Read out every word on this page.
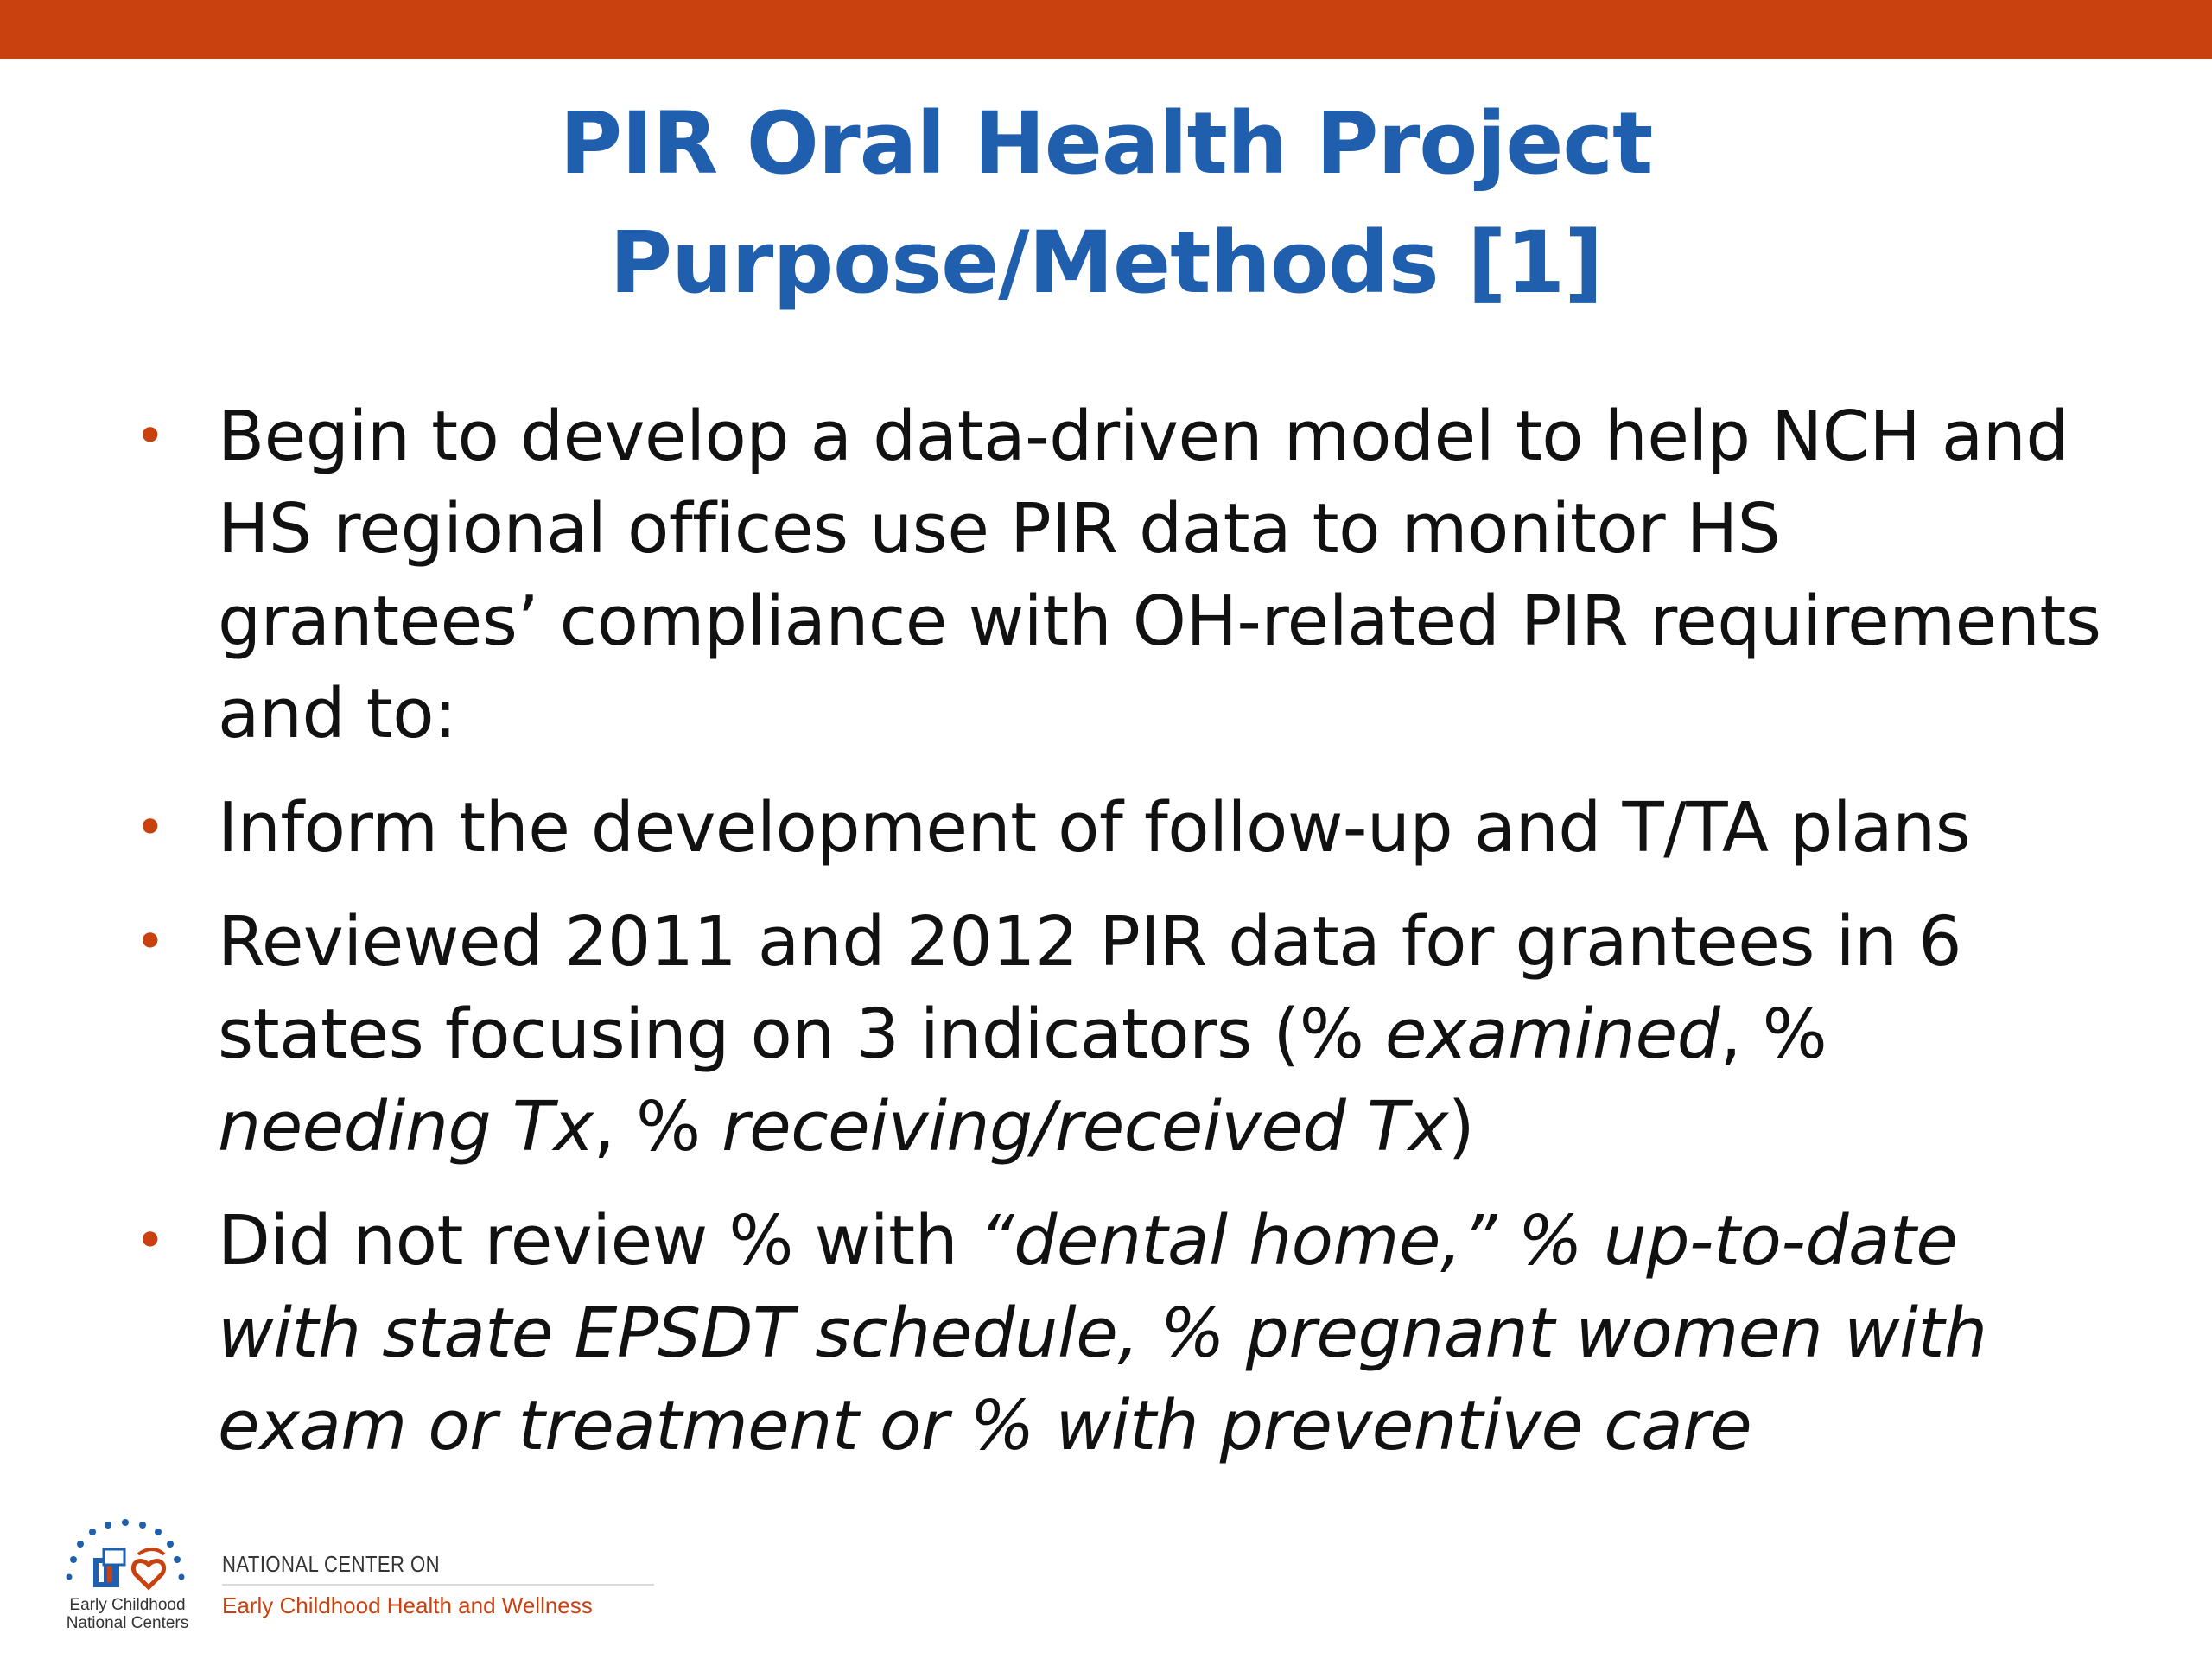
PIR Oral Health Project
Purpose/Methods [1]
• Begin to develop a data-driven model to help NCH and HS regional offices use PIR data to monitor HS grantees’ compliance with OH-related PIR requirements and to:
• Inform the development of follow-up and T/TA plans
• Reviewed 2011 and 2012 PIR data for grantees in 6 states focusing on 3 indicators (% examined, % needing Tx, % receiving/received Tx)
• Did not review % with “dental home,” % up-to-date with state EPSDT schedule, % pregnant women with exam or treatment or % with preventive care
Early Childhood
National Centers
NATIONAL CENTER ON
Early Childhood Health and Wellness
